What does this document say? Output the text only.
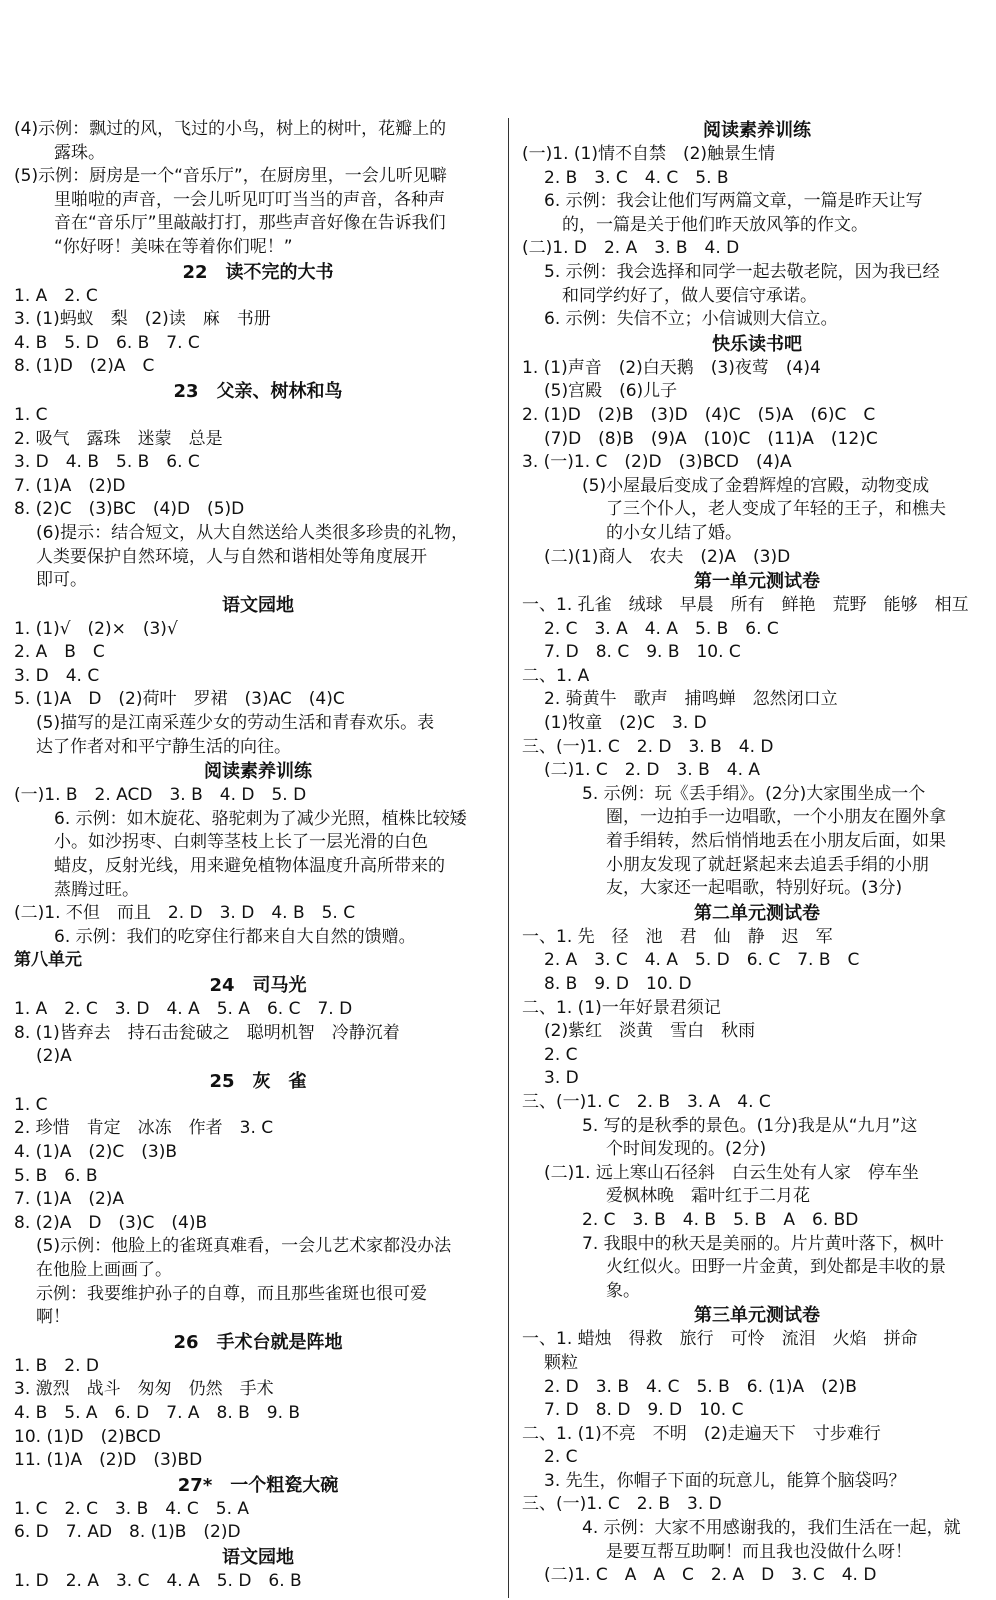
(4)示例：飘过的风，飞过的小鸟，树上的树叶，花瓣上的
露珠。
(5)示例：厨房是一个“音乐厅”，在厨房里，一会儿听见噼
里啪啦的声音，一会儿听见叮叮当当的声音，各种声
音在“音乐厅”里敲敲打打，那些声音好像在告诉我们
“你好呀！美味在等着你们呢！”
22　读不完的大书
1. A　2. C
3. (1)蚂蚁　梨　(2)读　麻　书册
4. B　5. D　6. B　7. C
8. (1)D　(2)A　C
23　父亲、树林和鸟
1. C
2. 吸气　露珠　迷蒙　总是
3. D　4. B　5. B　6. C
7. (1)A　(2)D
8. (2)C　(3)BC　(4)D　(5)D
(6)提示：结合短文，从大自然送给人类很多珍贵的礼物，
人类要保护自然环境，人与自然和谐相处等角度展开
即可。
语文园地
1. (1)√　(2)×　(3)√
2. A　B　C
3. D　4. C
5. (1)A　D　(2)荷叶　罗裙　(3)AC　(4)C
(5)描写的是江南采莲少女的劳动生活和青春欢乐。表
达了作者对和平宁静生活的向往。
阅读素养训练
(一)1. B　2. ACD　3. B　4. D　5. D
6. 示例：如木旋花、骆驼刺为了减少光照，植株比较矮
小。如沙拐枣、白刺等茎枝上长了一层光滑的白色
蜡皮，反射光线，用来避免植物体温度升高所带来的
蒸腾过旺。
(二)1. 不但　而且　2. D　3. D　4. B　5. C
6. 示例：我们的吃穿住行都来自大自然的馈赠。
第八单元
24　司马光
1. A　2. C　3. D　4. A　5. A　6. C　7. D
8. (1)皆弃去　持石击瓮破之　聪明机智　冷静沉着
(2)A
25　灰　雀
1. C
2. 珍惜　肯定　冰冻　作者　3. C
4. (1)A　(2)C　(3)B
5. B　6. B
7. (1)A　(2)A
8. (2)A　D　(3)C　(4)B
(5)示例：他脸上的雀斑真难看，一会儿艺术家都没办法
在他脸上画画了。
示例：我要维护孙子的自尊，而且那些雀斑也很可爱
啊！
26　手术台就是阵地
1. B　2. D
3. 激烈　战斗　匆匆　仍然　手术
4. B　5. A　6. D　7. A　8. B　9. B
10. (1)D　(2)BCD
11. (1)A　(2)D　(3)BD
27*　一个粗瓷大碗
1. C　2. C　3. B　4. C　5. A
6. D　7. AD　8. (1)B　(2)D
语文园地
1. D　2. A　3. C　4. A　5. D　6. B
阅读素养训练
(一)1. (1)情不自禁　(2)触景生情
2. B　3. C　4. C　5. B
6. 示例：我会让他们写两篇文章，一篇是昨天让写
的，一篇是关于他们昨天放风筝的作文。
(二)1. D　2. A　3. B　4. D
5. 示例：我会选择和同学一起去敬老院，因为我已经
和同学约好了，做人要信守承诺。
6. 示例：失信不立；小信诚则大信立。
快乐读书吧
1. (1)声音　(2)白天鹅　(3)夜莺　(4)4
(5)宫殿　(6)儿子
2. (1)D　(2)B　(3)D　(4)C　(5)A　(6)C　C
(7)D　(8)B　(9)A　(10)C　(11)A　(12)C
3. (一)1. C　(2)D　(3)BCD　(4)A
(5)小屋最后变成了金碧辉煌的宫殿，动物变成
了三个仆人，老人变成了年轻的王子，和樵夫
的小女儿结了婚。
(二)(1)商人　农夫　(2)A　(3)D
第一单元测试卷
一、1. 孔雀　绒球　早晨　所有　鲜艳　荒野　能够　相互
2. C　3. A　4. A　5. B　6. C
7. D　8. C　9. B　10. C
二、1. A
2. 骑黄牛　歌声　捕鸣蝉　忽然闭口立
(1)牧童　(2)C　3. D
三、(一)1. C　2. D　3. B　4. D
(二)1. C　2. D　3. B　4. A
5. 示例：玩《丢手绢》。(2分)大家围坐成一个
圈，一边拍手一边唱歌，一个小朋友在圈外拿
着手绢转，然后悄悄地丢在小朋友后面，如果
小朋友发现了就赶紧起来去追丢手绢的小朋
友，大家还一起唱歌，特别好玩。(3分)
第二单元测试卷
一、1. 先　径　池　君　仙　静　迟　军
2. A　3. C　4. A　5. D　6. C　7. B　C
8. B　9. D　10. D
二、1. (1)一年好景君须记
(2)紫红　淡黄　雪白　秋雨
2. C
3. D
三、(一)1. C　2. B　3. A　4. C
5. 写的是秋季的景色。(1分)我是从“九月”这
个时间发现的。(2分)
(二)1. 远上寒山石径斜　白云生处有人家　停车坐
爱枫林晚　霜叶红于二月花
2. C　3. B　4. B　5. B　A　6. BD
7. 我眼中的秋天是美丽的。片片黄叶落下，枫叶
火红似火。田野一片金黄，到处都是丰收的景
象。
第三单元测试卷
一、1. 蜡烛　得救　旅行　可怜　流泪　火焰　拼命
颗粒
2. D　3. B　4. C　5. B　6. (1)A　(2)B
7. D　8. D　9. D　10. C
二、1. (1)不亮　不明　(2)走遍天下　寸步难行
2. C
3. 先生，你帽子下面的玩意儿，能算个脑袋吗？
三、(一)1. C　2. B　3. D
4. 示例：大家不用感谢我的，我们生活在一起，就
是要互帮互助啊！而且我也没做什么呀！
(二)1. C　A　A　C　2. A　D　3. C　4. D
